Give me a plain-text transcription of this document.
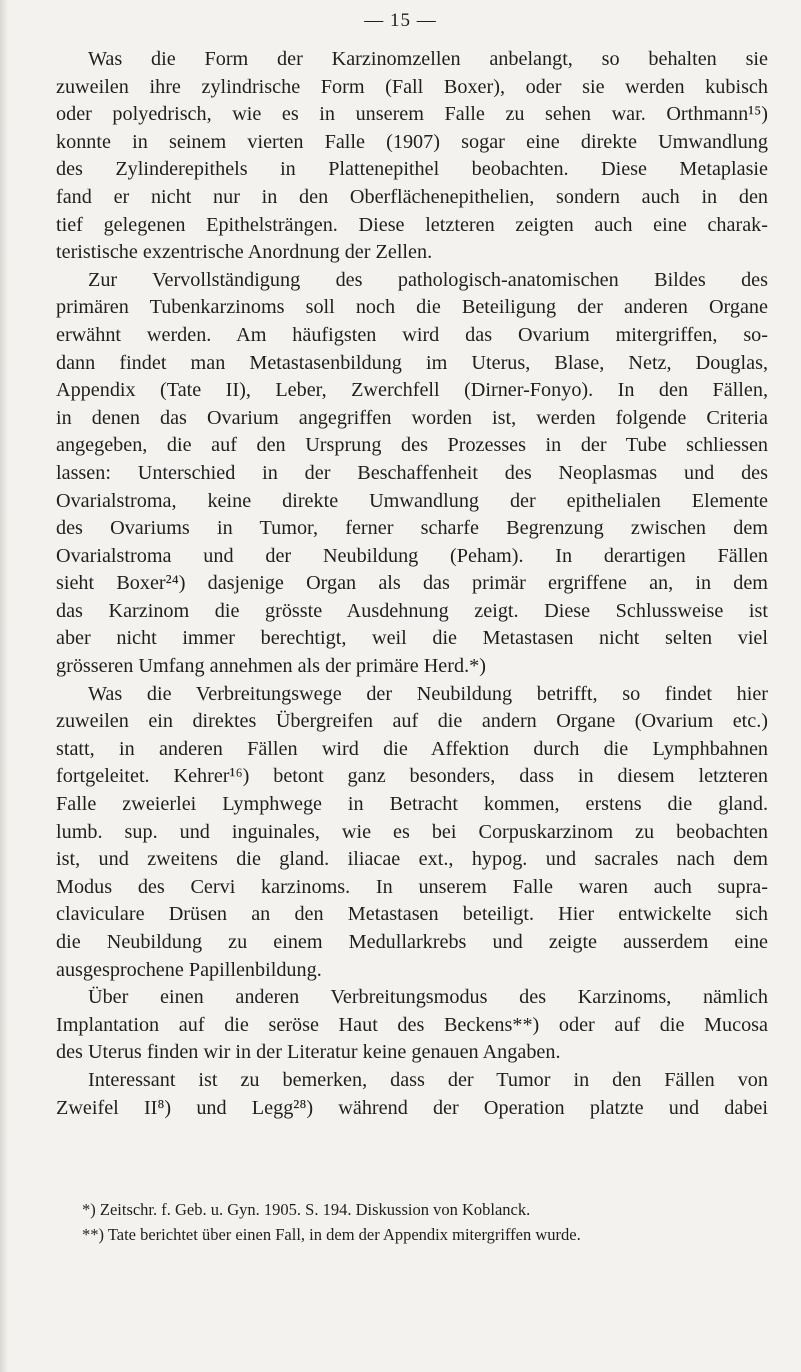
— 15 —
Was die Form der Karzinomzellen anbelangt, so behalten sie
zuweilen ihre zylindrische Form (Fall Boxer), oder sie werden kubisch
oder polyedrisch, wie es in unserem Falle zu sehen war. Orthmann¹⁵)
konnte in seinem vierten Falle (1907) sogar eine direkte Umwandlung
des Zylinderepithels in Plattenepithel beobachten. Diese Metaplasie
fand er nicht nur in den Oberflächenepithelien, sondern auch in den
tief gelegenen Epithelsträngen. Diese letzteren zeigten auch eine charak-
teristische exzentrische Anordnung der Zellen.
Zur Vervollständigung des pathologisch-anatomischen Bildes des
primären Tubenkarzinoms soll noch die Beteiligung der anderen Organe
erwähnt werden. Am häufigsten wird das Ovarium mitergriffen, so-
dann findet man Metastasenbildung im Uterus, Blase, Netz, Douglas,
Appendix (Tate II), Leber, Zwerchfell (Dirner-Fonyo). In den Fällen,
in denen das Ovarium angegriffen worden ist, werden folgende Criteria
angegeben, die auf den Ursprung des Prozesses in der Tube schliessen
lassen: Unterschied in der Beschaffenheit des Neoplasmas und des
Ovarialstroma, keine direkte Umwandlung der epithelialen Elemente
des Ovariums in Tumor, ferner scharfe Begrenzung zwischen dem
Ovarialstroma und der Neubildung (Peham). In derartigen Fällen
sieht Boxer²⁴) dasjenige Organ als das primär ergriffene an, in dem
das Karzinom die grösste Ausdehnung zeigt. Diese Schlussweise ist
aber nicht immer berechtigt, weil die Metastasen nicht selten viel
grösseren Umfang annehmen als der primäre Herd.*)
Was die Verbreitungswege der Neubildung betrifft, so findet hier
zuweilen ein direktes Übergreifen auf die andern Organe (Ovarium etc.)
statt, in anderen Fällen wird die Affektion durch die Lymphbahnen
fortgeleitet. Kehrer¹⁶) betont ganz besonders, dass in diesem letzteren
Falle zweierlei Lymphwege in Betracht kommen, erstens die gland.
lumb. sup. und inguinales, wie es bei Corpuskarzinom zu beobachten
ist, und zweitens die gland. iliacae ext., hypog. und sacrales nach dem
Modus des Cervi karzinoms. In unserem Falle waren auch supra-
claviculare Drüsen an den Metastasen beteiligt. Hier entwickelte sich
die Neubildung zu einem Medullarkrebs und zeigte ausserdem eine
ausgesprochene Papillenbildung.
Über einen anderen Verbreitungsmodus des Karzinoms, nämlich
Implantation auf die seröse Haut des Beckens**) oder auf die Mucosa
des Uterus finden wir in der Literatur keine genauen Angaben.
Interessant ist zu bemerken, dass der Tumor in den Fällen von
Zweifel II⁸) und Legg²⁸) während der Operation platzte und dabei
*) Zeitschr. f. Geb. u. Gyn. 1905. S. 194. Diskussion von Koblanck.
**) Tate berichtet über einen Fall, in dem der Appendix mitergriffen wurde.
